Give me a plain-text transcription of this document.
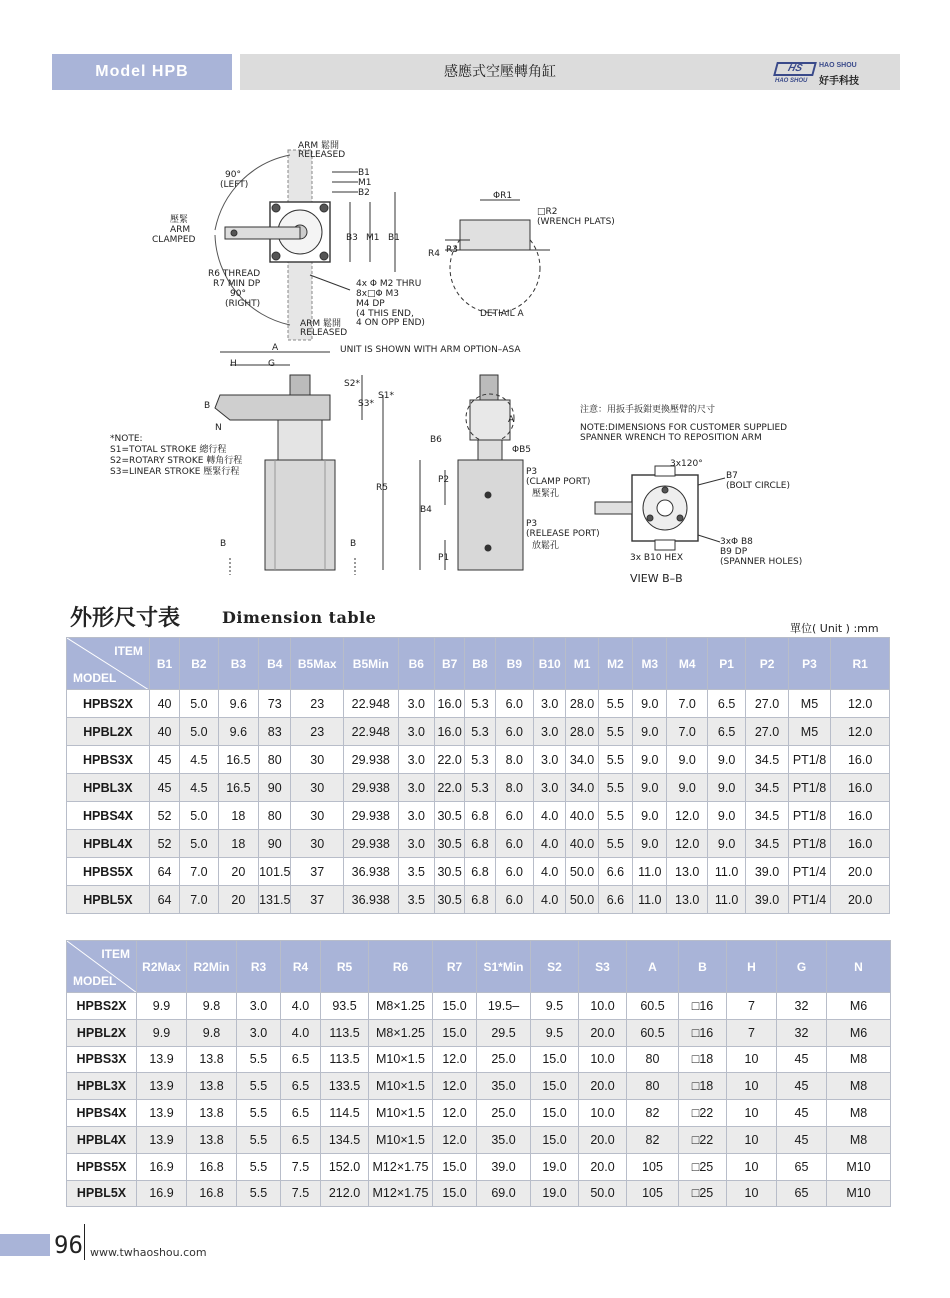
Model HPB	感應式空壓轉角缸	HS
HAO SHOU
HAO SHOU
好手科技
ARM 鬆開
RELEASED
90°
(LEFT)
B1
M1
B2
B3 M1 B1
壓緊
ARM
CLAMPED
R6 THREAD
R7 MIN DP
90°
(RIGHT)
4x Φ M2 THRU
8x□Φ M3
M4 DP
(4 THIS END,
4 ON OPP END)
ARM 鬆開
RELEASED
ΦR1
□R2
(WRENCH PLATS)
R4 R3
DETIAIL A
UNIT IS SHOWN WITH ARM OPTION–ASA
A
H	G
B
N
S2*
S1*
S3*
R5
B	B
*NOTE:
S1=TOTAL STROKE 總行程
S2=ROTARY STROKE 轉角行程
S3=LINEAR STROKE 壓緊行程
A
B6
ΦB5
P3
(CLAMP PORT)
壓緊孔
P2
B4
P3
(RELEASE PORT)
放鬆孔
P1
注意：用扳手扳鉗更換壓臂的尺寸
NOTE:DIMENSIONS FOR CUSTOMER SUPPLIED
SPANNER WRENCH TO REPOSITION ARM
3x120°
B7
(BOLT CIRCLE)
3xΦ B8
B9 DP
(SPANNER HOLES)
3x B10 HEX
VIEW B–B
外形尺寸表	Dimension table
單位( Unit ) :mm
ITEM
MODEL	B1	B2	B3	B4	B5Max	B5Min	B6	B7	B8	B9	B10	M1	M2	M3	M4	P1	P2	P3	R1
HPBS2X	40	5.0	9.6	73	23	22.948	3.0	16.0	5.3	6.0	3.0	28.0	5.5	9.0	7.0	6.5	27.0	M5	12.0
HPBL2X	40	5.0	9.6	83	23	22.948	3.0	16.0	5.3	6.0	3.0	28.0	5.5	9.0	7.0	6.5	27.0	M5	12.0
HPBS3X	45	4.5	16.5	80	30	29.938	3.0	22.0	5.3	8.0	3.0	34.0	5.5	9.0	9.0	9.0	34.5	PT1/8	16.0
HPBL3X	45	4.5	16.5	90	30	29.938	3.0	22.0	5.3	8.0	3.0	34.0	5.5	9.0	9.0	9.0	34.5	PT1/8	16.0
HPBS4X	52	5.0	18	80	30	29.938	3.0	30.5	6.8	6.0	4.0	40.0	5.5	9.0	12.0	9.0	34.5	PT1/8	16.0
HPBL4X	52	5.0	18	90	30	29.938	3.0	30.5	6.8	6.0	4.0	40.0	5.5	9.0	12.0	9.0	34.5	PT1/8	16.0
HPBS5X	64	7.0	20	101.5	37	36.938	3.5	30.5	6.8	6.0	4.0	50.0	6.6	11.0	13.0	11.0	39.0	PT1/4	20.0
HPBL5X	64	7.0	20	131.5	37	36.938	3.5	30.5	6.8	6.0	4.0	50.0	6.6	11.0	13.0	11.0	39.0	PT1/4	20.0
ITEM
MODEL	R2Max	R2Min	R3	R4	R5	R6	R7	S1*Min	S2	S3	A	B	H	G	N
HPBS2X	9.9	9.8	3.0	4.0	93.5	M8×1.25	15.0	19.5–	9.5	10.0	60.5	□16	7	32	M6
HPBL2X	9.9	9.8	3.0	4.0	113.5	M8×1.25	15.0	29.5	9.5	20.0	60.5	□16	7	32	M6
HPBS3X	13.9	13.8	5.5	6.5	113.5	M10×1.5	12.0	25.0	15.0	10.0	80	□18	10	45	M8
HPBL3X	13.9	13.8	5.5	6.5	133.5	M10×1.5	12.0	35.0	15.0	20.0	80	□18	10	45	M8
HPBS4X	13.9	13.8	5.5	6.5	114.5	M10×1.5	12.0	25.0	15.0	10.0	82	□22	10	45	M8
HPBL4X	13.9	13.8	5.5	6.5	134.5	M10×1.5	12.0	35.0	15.0	20.0	82	□22	10	45	M8
HPBS5X	16.9	16.8	5.5	7.5	152.0	M12×1.75	15.0	39.0	19.0	20.0	105	□25	10	65	M10
HPBL5X	16.9	16.8	5.5	7.5	212.0	M12×1.75	15.0	69.0	19.0	50.0	105	□25	10	65	M10
96 www.twhaoshou.com
